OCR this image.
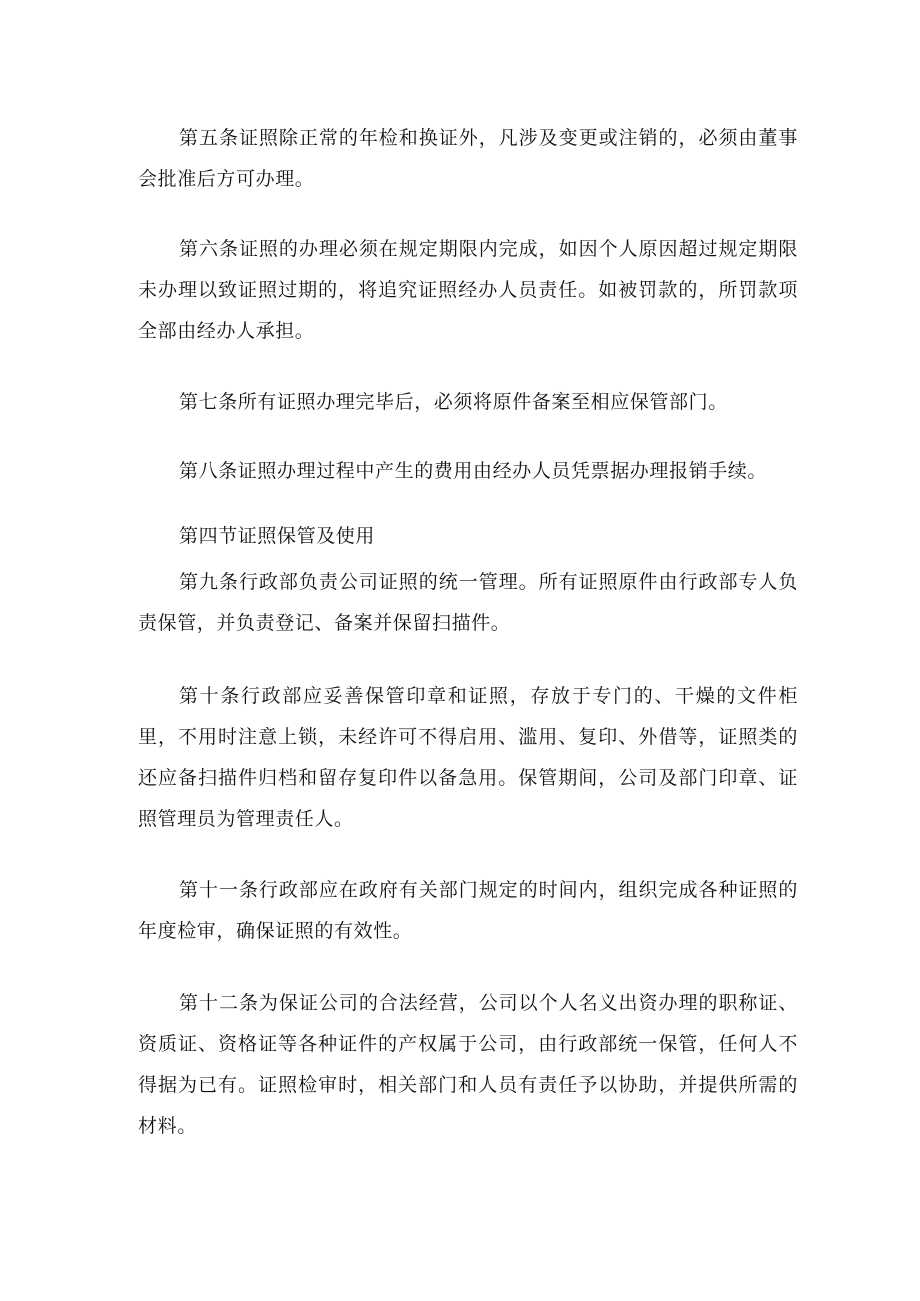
第五条证照除正常的年检和换证外，凡涉及变更或注销的，必须由董事会批准后方可办理。

第六条证照的办理必须在规定期限内完成，如因个人原因超过规定期限未办理以致证照过期的，将追究证照经办人员责任。如被罚款的，所罚款项全部由经办人承担。

第七条所有证照办理完毕后，必须将原件备案至相应保管部门。

第八条证照办理过程中产生的费用由经办人员凭票据办理报销手续。

第四节证照保管及使用

第九条行政部负责公司证照的统一管理。所有证照原件由行政部专人负责保管，并负责登记、备案并保留扫描件。

第十条行政部应妥善保管印章和证照，存放于专门的、干燥的文件柜里，不用时注意上锁，未经许可不得启用、滥用、复印、外借等，证照类的还应备扫描件归档和留存复印件以备急用。保管期间，公司及部门印章、证照管理员为管理责任人。

第十一条行政部应在政府有关部门规定的时间内，组织完成各种证照的年度检审，确保证照的有效性。

第十二条为保证公司的合法经营，公司以个人名义出资办理的职称证、资质证、资格证等各种证件的产权属于公司，由行政部统一保管，任何人不得据为已有。证照检审时，相关部门和人员有责任予以协助，并提供所需的材料。
